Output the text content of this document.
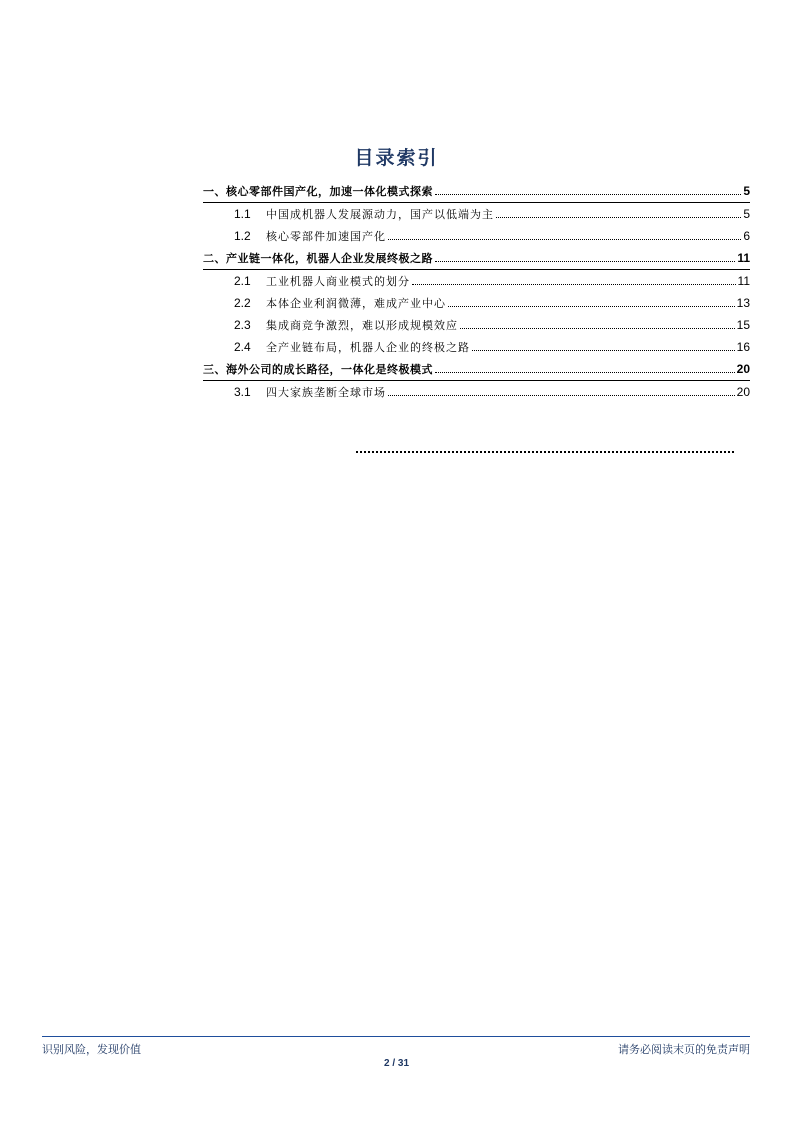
目录索引
一、核心零部件国产化，加速一体化模式探索	5
1.1	中国成机器人发展源动力，国产以低端为主	5
1.2	核心零部件加速国产化	6
二、产业链一体化，机器人企业发展终极之路	11
2.1	工业机器人商业模式的划分	11
2.2	本体企业利润微薄，难成产业中心	13
2.3	集成商竞争激烈，难以形成规模效应	15
2.4	全产业链布局，机器人企业的终极之路	16
三、海外公司的成长路径，一体化是终极模式	20
3.1	四大家族垄断全球市场	20
识别风险，发现价值	请务必阅读末页的免责声明
2 / 31
